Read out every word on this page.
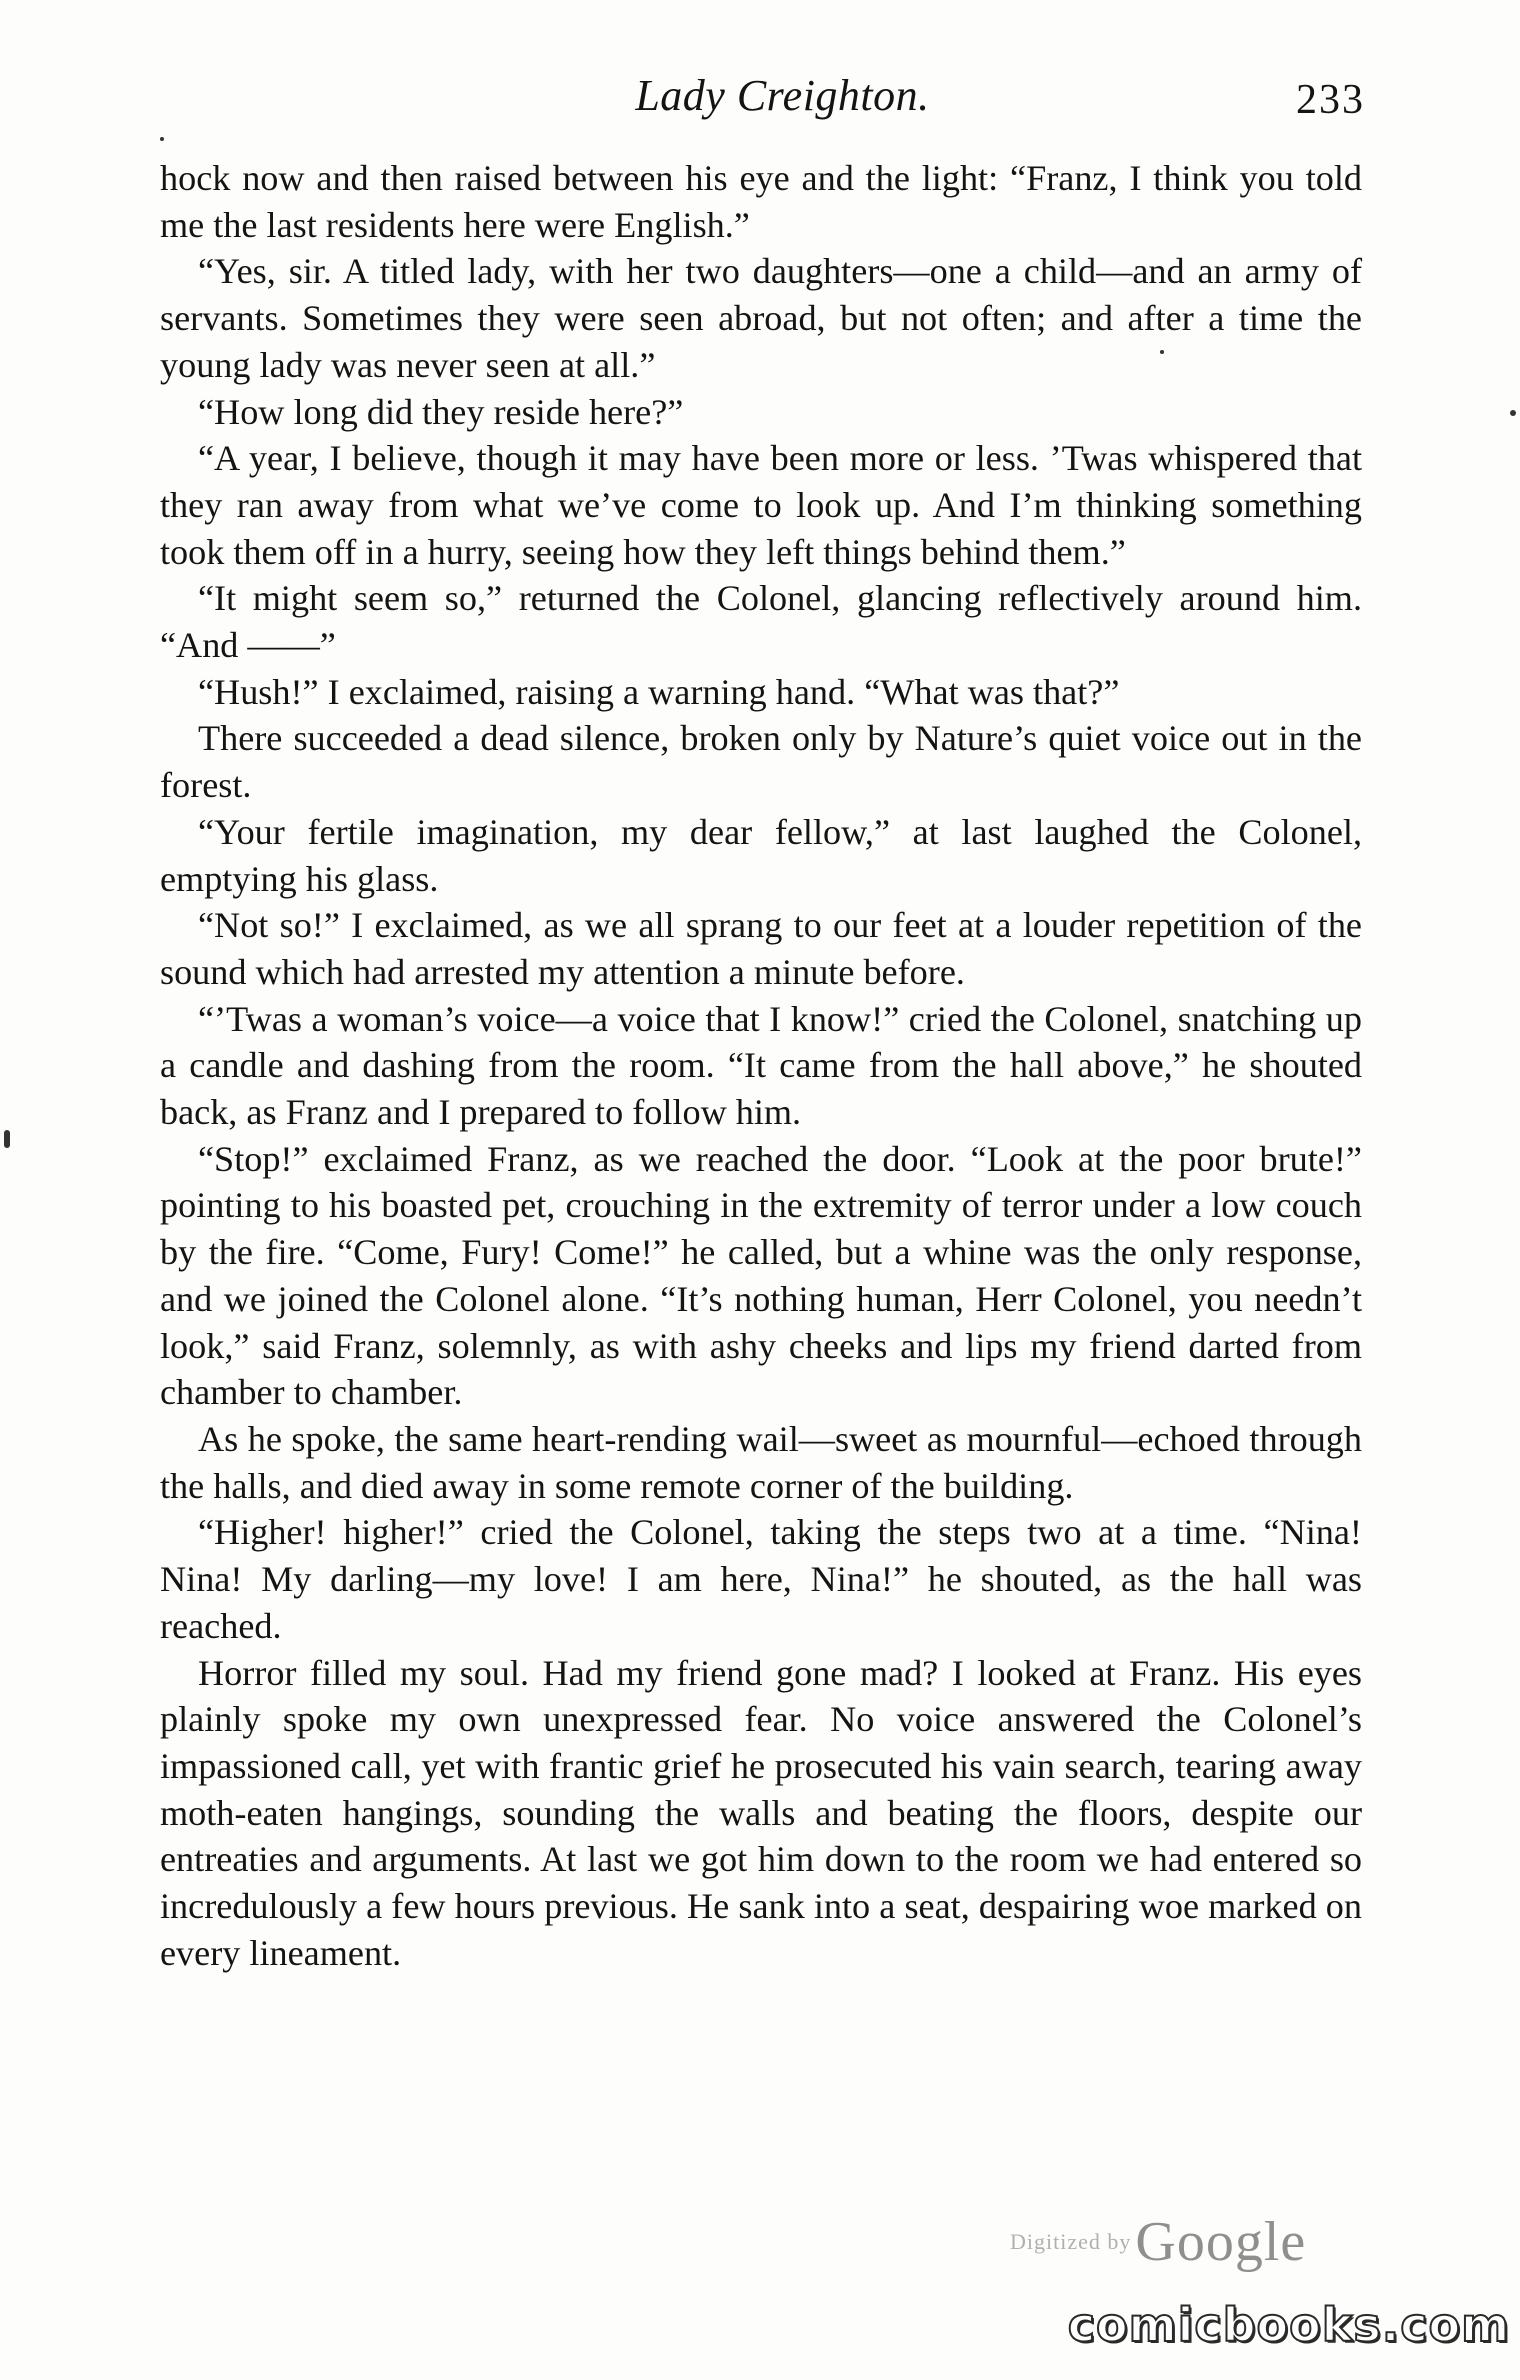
Lady Creighton.	233

hock now and then raised between his eye and the light: “Franz, I think you told me the last residents here were English.”

“Yes, sir. A titled lady, with her two daughters—one a child—and an army of servants. Sometimes they were seen abroad, but not often; and after a time the young lady was never seen at all.”

“How long did they reside here?”

“A year, I believe, though it may have been more or less. ’Twas whispered that they ran away from what we’ve come to look up. And I’m thinking something took them off in a hurry, seeing how they left things behind them.”

“It might seem so,” returned the Colonel, glancing reflectively around him. “And ——”

“Hush!” I exclaimed, raising a warning hand. “What was that?”

There succeeded a dead silence, broken only by Nature’s quiet voice out in the forest.

“Your fertile imagination, my dear fellow,” at last laughed the Colonel, emptying his glass.

“Not so!” I exclaimed, as we all sprang to our feet at a louder repetition of the sound which had arrested my attention a minute before.

“’Twas a woman’s voice—a voice that I know!” cried the Colonel, snatching up a candle and dashing from the room. “It came from the hall above,” he shouted back, as Franz and I prepared to follow him.

“Stop!” exclaimed Franz, as we reached the door. “Look at the poor brute!” pointing to his boasted pet, crouching in the extremity of terror under a low couch by the fire. “Come, Fury! Come!” he called, but a whine was the only response, and we joined the Colonel alone. “It’s nothing human, Herr Colonel, you needn’t look,” said Franz, solemnly, as with ashy cheeks and lips my friend darted from chamber to chamber.

As he spoke, the same heart-rending wail—sweet as mournful—echoed through the halls, and died away in some remote corner of the building.

“Higher! higher!” cried the Colonel, taking the steps two at a time. “Nina! Nina! My darling—my love! I am here, Nina!” he shouted, as the hall was reached.

Horror filled my soul. Had my friend gone mad? I looked at Franz. His eyes plainly spoke my own unexpressed fear. No voice answered the Colonel’s impassioned call, yet with frantic grief he prosecuted his vain search, tearing away moth-eaten hangings, sounding the walls and beating the floors, despite our entreaties and arguments. At last we got him down to the room we had entered so incredulously a few hours previous. He sank into a seat, despairing woe marked on every lineament.

Digitized by Google
comicbooks.com
